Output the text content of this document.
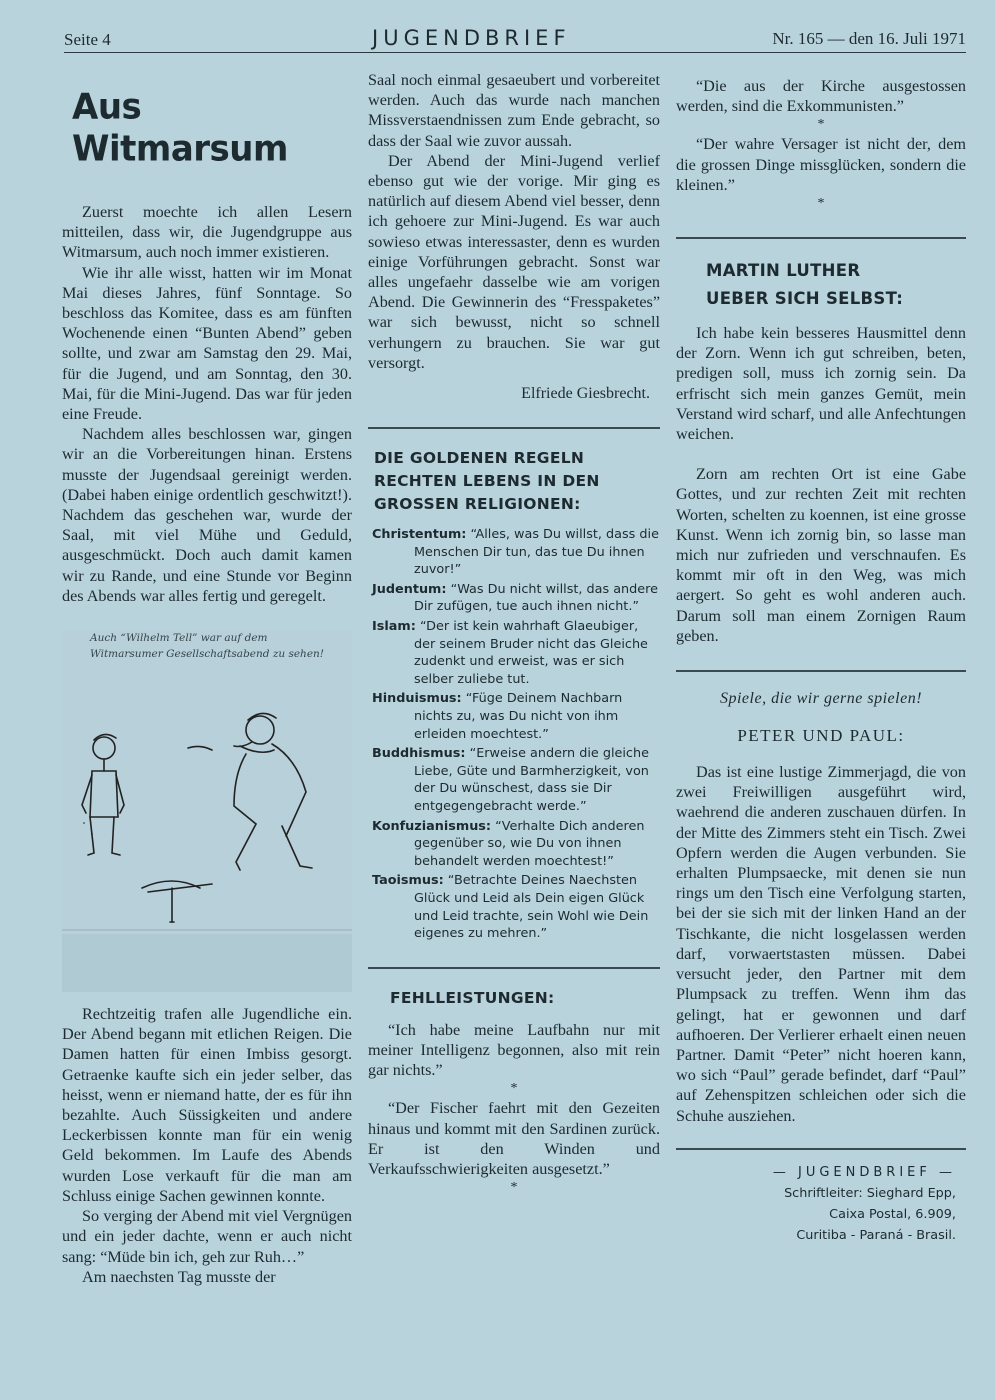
Seite 4	JUGENDBRIEF	Nr. 165 — den 16. Juli 1971
Aus Witmarsum

Zuerst moechte ich allen Lesern mitteilen, dass wir, die Jugendgruppe aus Witmarsum, auch noch immer existieren.

Wie ihr alle wisst, hatten wir im Monat Mai dieses Jahres, fünf Sonntage. So beschloss das Komitee, dass es am fünften Wochenende einen “Bunten Abend” geben sollte, und zwar am Samstag den 29. Mai, für die Jugend, und am Sonntag, den 30. Mai, für die Mini-Jugend. Das war für jeden eine Freude.

Nachdem alles beschlossen war, gingen wir an die Vorbereitungen hinan. Erstens musste der Jugendsaal gereinigt werden. (Dabei haben einige ordentlich geschwitzt!). Nachdem das geschehen war, wurde der Saal, mit viel Mühe und Geduld, ausgeschmückt. Doch auch damit kamen wir zu Rande, und eine Stunde vor Beginn des Abends war alles fertig und geregelt.

Auch “Wilhelm Tell” war auf dem Witmarsumer Gesellschaftsabend zu sehen!

Rechtzeitig trafen alle Jugendliche ein. Der Abend begann mit etlichen Reigen. Die Damen hatten für einen Imbiss gesorgt. Getraenke kaufte sich ein jeder selber, das heisst, wenn er niemand hatte, der es für ihn bezahlte. Auch Süssigkeiten und andere Leckerbissen konnte man für ein wenig Geld bekommen. Im Laufe des Abends wurden Lose verkauft für die man am Schluss einige Sachen gewinnen konnte.

So verging der Abend mit viel Vergnügen und ein jeder dachte, wenn er auch nicht sang: “Müde bin ich, geh zur Ruh…”

Am naechsten Tag musste der

Saal noch einmal gesaeubert und vorbereitet werden. Auch das wurde nach manchen Missverstaendnissen zum Ende gebracht, so dass der Saal wie zuvor aussah.

Der Abend der Mini-Jugend verlief ebenso gut wie der vorige. Mir ging es natürlich auf diesem Abend viel besser, denn ich gehoere zur Mini-Jugend. Es war auch sowieso etwas interessaster, denn es wurden einige Vorführungen gebracht. Sonst war alles ungefaehr dasselbe wie am vorigen Abend. Die Gewinnerin des “Fresspaketes” war sich bewusst, nicht so schnell verhungern zu brauchen. Sie war gut versorgt.

Elfriede Giesbrecht.
DIE GOLDENEN REGELN RECHTEN LEBENS IN DEN GROSSEN RELIGIONEN:
Christentum: “Alles, was Du willst, dass die Menschen Dir tun, das tue Du ihnen zuvor!”
Judentum: “Was Du nicht willst, das andere Dir zufügen, tue auch ihnen nicht.”
Islam: “Der ist kein wahrhaft Glaeubiger, der seinem Bruder nicht das Gleiche zudenkt und erweist, was er sich selber zuliebe tut.
Hinduismus: “Füge Deinem Nachbarn nichts zu, was Du nicht von ihm erleiden moechtest.”
Buddhismus: “Erweise andern die gleiche Liebe, Güte und Barmherzigkeit, von der Du wünschest, dass sie Dir entgegengebracht werde.”
Konfuzianismus: “Verhalte Dich anderen gegenüber so, wie Du von ihnen behandelt werden moechtest!”
Taoismus: “Betrachte Deines Naechsten Glück und Leid als Dein eigen Glück und Leid trachte, sein Wohl wie Dein eigenes zu mehren.”
FEHLLEISTUNGEN:

“Ich habe meine Laufbahn nur mit meiner Intelligenz begonnen, also mit rein gar nichts.”

*

“Der Fischer faehrt mit den Gezeiten hinaus und kommt mit den Sardinen zurück. Er ist den Winden und Verkaufsschwierigkeiten ausgesetzt.”

*

“Die aus der Kirche ausgestossen werden, sind die Exkommunisten.”

*

“Der wahre Versager ist nicht der, dem die grossen Dinge missglücken, sondern die kleinen.”

*
MARTIN LUTHER
UEBER SICH SELBST:

Ich habe kein besseres Hausmittel denn der Zorn. Wenn ich gut schreiben, beten, predigen soll, muss ich zornig sein. Da erfrischt sich mein ganzes Gemüt, mein Verstand wird scharf, und alle Anfechtungen weichen.

Zorn am rechten Ort ist eine Gabe Gottes, und zur rechten Zeit mit rechten Worten, schelten zu koennen, ist eine grosse Kunst. Wenn ich zornig bin, so lasse man mich nur zufrieden und verschnaufen. Es kommt mir oft in den Weg, was mich aergert. So geht es wohl anderen auch. Darum soll man einem Zornigen Raum geben.

Spiele, die wir gerne spielen!
PETER UND PAUL:

Das ist eine lustige Zimmerjagd, die von zwei Freiwilligen ausgeführt wird, waehrend die anderen zuschauen dürfen. In der Mitte des Zimmers steht ein Tisch. Zwei Opfern werden die Augen verbunden. Sie erhalten Plumpsaecke, mit denen sie nun rings um den Tisch eine Verfolgung starten, bei der sie sich mit der linken Hand an der Tischkante, die nicht losgelassen werden darf, vorwaertstasten müssen. Dabei versucht jeder, den Partner mit dem Plumpsack zu treffen. Wenn ihm das gelingt, hat er gewonnen und darf aufhoeren. Der Verlierer erhaelt einen neuen Partner. Damit “Peter” nicht hoeren kann, wo sich “Paul” gerade befindet, darf “Paul” auf Zehenspitzen schleichen oder sich die Schuhe ausziehen.

— JUGENDBRIEF —
Schriftleiter: Sieghard Epp,
Caixa Postal, 6.909,
Curitiba - Paraná - Brasil.
